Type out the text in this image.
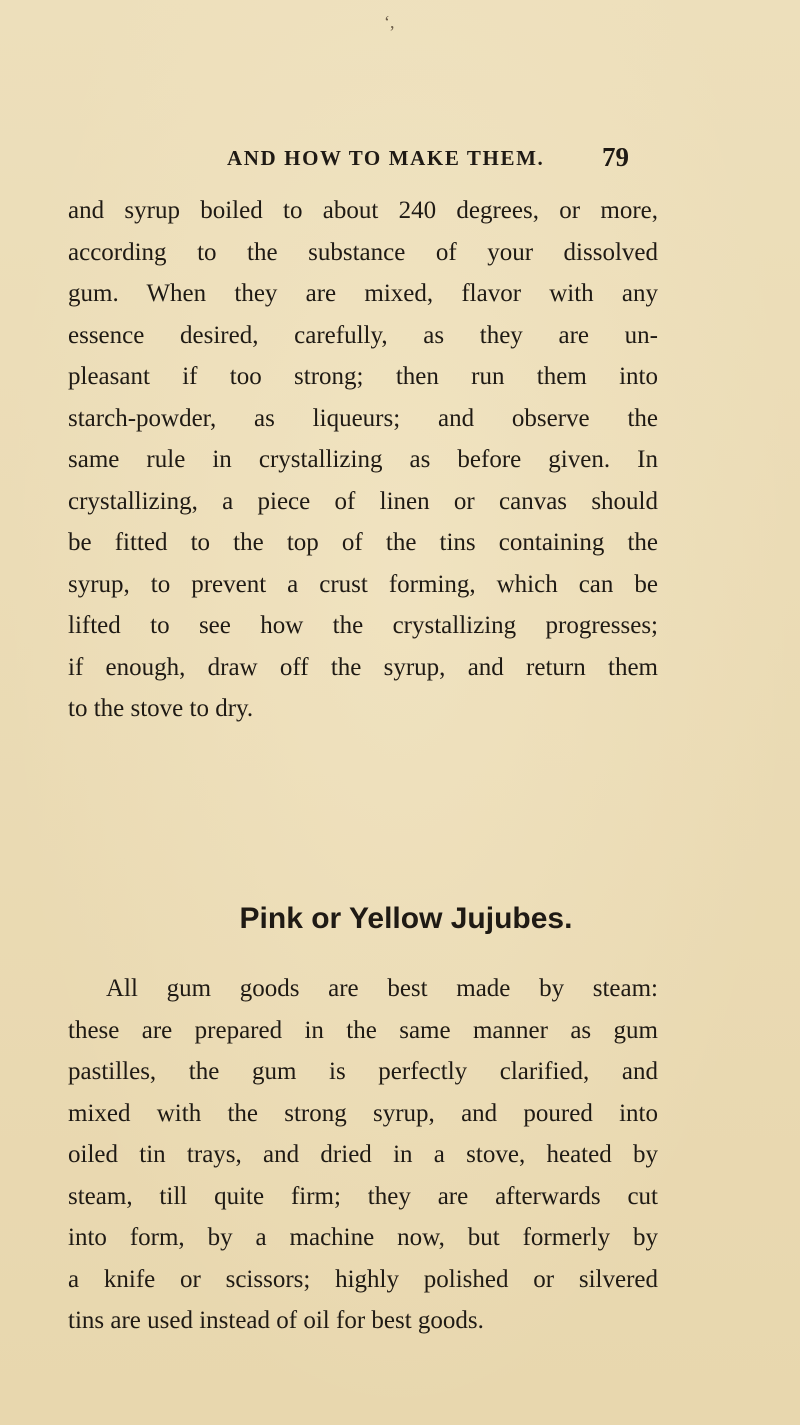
‘,
AND HOW TO MAKE THEM. 79
and syrup boiled to about 240 degrees, or more,
according to the substance of your dissolved
gum. When they are mixed, flavor with any
essence desired, carefully, as they are un-
pleasant if too strong; then run them into
starch-powder, as liqueurs; and observe the
same rule in crystallizing as before given. In
crystallizing, a piece of linen or canvas should
be fitted to the top of the tins containing the
syrup, to prevent a crust forming, which can be
lifted to see how the crystallizing progresses;
if enough, draw off the syrup, and return them
to the stove to dry.
Pink or Yellow Jujubes.
All gum goods are best made by steam:
these are prepared in the same manner as gum
pastilles, the gum is perfectly clarified, and
mixed with the strong syrup, and poured into
oiled tin trays, and dried in a stove, heated by
steam, till quite firm; they are afterwards cut
into form, by a machine now, but formerly by
a knife or scissors; highly polished or silvered
tins are used instead of oil for best goods.
